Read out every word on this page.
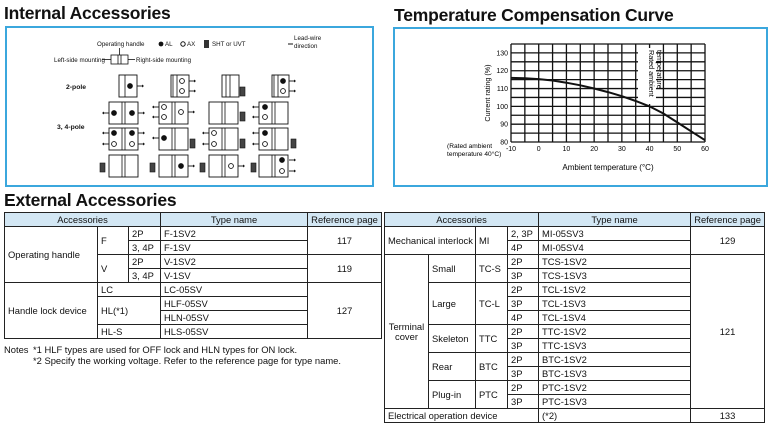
Internal Accessories
Operating handle	AL AX	SHT or UVT
Lead-wire
direction
Left-side mounting	Right-side mounting
2-pole
3, 4-pole
Temperature Compensation Curve
Rated ambient temperature
-10	0	10	20	30	40	50	60
80
90
100
110
120
130
Current rating (%)
(Rated ambient
temperature 40°C)
Ambient temperature (°C)
External Accessories
Accessories			Type name	Reference page
Operating handle	F	2P	F-1SV2	117
		3, 4P	F-1SV	
	V	2P	V-1SV2	119
		3, 4P	V-1SV	
Handle lock device	LC		LC-05SV	127
	HL(*1)		HLF-05SV	
			HLN-05SV	
	HL-S		HLS-05SV	
Notes *1 HLF types are used for OFF lock and HLN types for ON lock.
*2 Specify the working voltage. Refer to the reference page for type name.
Accessories				Type name	Reference page
Mechanical interlock		MI	2, 3P	MI-05SV3	129
			4P	MI-05SV4	
Terminal cover	Small	TC-S	2P	TCS-1SV2	121
			3P	TCS-1SV3	
	Large	TC-L	2P	TCL-1SV2	
			3P	TCL-1SV3	
			4P	TCL-1SV4	
	Skeleton	TTC	2P	TTC-1SV2	
			3P	TTC-1SV3	
	Rear	BTC	2P	BTC-1SV2	
			3P	BTC-1SV3	
	Plug-in	PTC	2P	PTC-1SV2	
			3P	PTC-1SV3	
Electrical operation device				(*2)	133
